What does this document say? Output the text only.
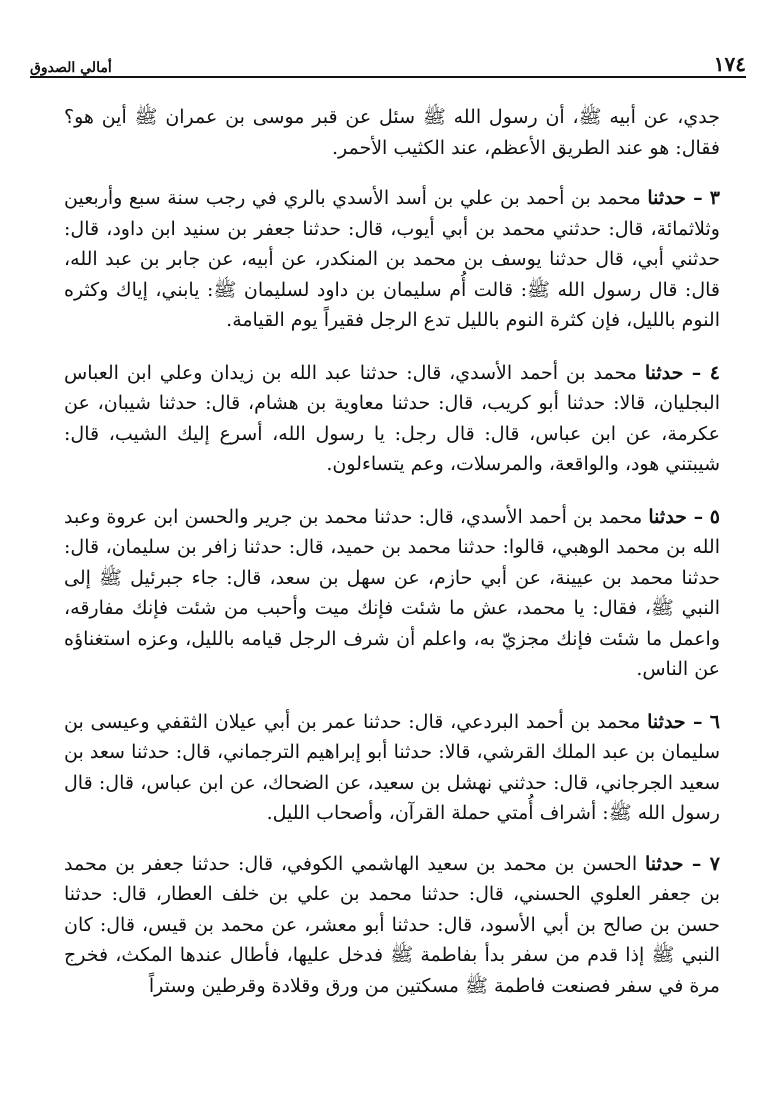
١٧٤
أمالي الصدوق

جدي، عن أبيه ﷺ، أن رسول الله ﷺ سئل عن قبر موسى بن عمران ﷺ أين هو؟ فقال: هو عند الطريق الأعظم، عند الكثيب الأحمر.

٣ – حدثنا محمد بن أحمد بن علي بن أسد الأسدي بالري في رجب سنة سبع وأربعين وثلاثمائة، قال: حدثني محمد بن أبي أيوب، قال: حدثنا جعفر بن سنيد ابن داود، قال: حدثني أبي، قال حدثنا يوسف بن محمد بن المنكدر، عن أبيه، عن جابر بن عبد الله، قال: قال رسول الله ﷺ: قالت أُم سليمان بن داود لسليمان ﷺ: يابني، إياك وكثره النوم بالليل، فإن كثرة النوم بالليل تدع الرجل فقيراً يوم القيامة.

٤ – حدثنا محمد بن أحمد الأسدي، قال: حدثنا عبد الله بن زيدان وعلي ابن العباس البجليان، قالا: حدثنا أبو كريب، قال: حدثنا معاوية بن هشام، قال: حدثنا شيبان، عن عكرمة، عن ابن عباس، قال: قال رجل: يا رسول الله، أسرع إليك الشيب، قال: شيبتني هود، والواقعة، والمرسلات، وعم يتساءلون.

٥ – حدثنا محمد بن أحمد الأسدي، قال: حدثنا محمد بن جرير والحسن ابن عروة وعبد الله بن محمد الوهبي، قالوا: حدثنا محمد بن حميد، قال: حدثنا زافر بن سليمان، قال: حدثنا محمد بن عيينة، عن أبي حازم، عن سهل بن سعد، قال: جاء جبرئيل ﷺ إلى النبي ﷺ، فقال: يا محمد، عش ما شئت فإنك ميت وأحبب من شئت فإنك مفارقه، واعمل ما شئت فإنك مجزيّ به، واعلم أن شرف الرجل قيامه بالليل، وعزه استغناؤه عن الناس.

٦ – حدثنا محمد بن أحمد البردعي، قال: حدثنا عمر بن أبي عيلان الثقفي وعيسى بن سليمان بن عبد الملك القرشي، قالا: حدثنا أبو إبراهيم الترجماني، قال: حدثنا سعد بن سعيد الجرجاني، قال: حدثني نهشل بن سعيد، عن الضحاك، عن ابن عباس، قال: قال رسول الله ﷺ: أشراف أُمتي حملة القرآن، وأصحاب الليل.

٧ – حدثنا الحسن بن محمد بن سعيد الهاشمي الكوفي، قال: حدثنا جعفر بن محمد بن جعفر العلوي الحسني، قال: حدثنا محمد بن علي بن خلف العطار، قال: حدثنا حسن بن صالح بن أبي الأسود، قال: حدثنا أبو معشر، عن محمد بن قيس، قال: كان النبي ﷺ إذا قدم من سفر بدأ بفاطمة ﷺ فدخل عليها، فأطال عندها المكث، فخرج مرة في سفر فصنعت فاطمة ﷺ مسكتين من ورق وقلادة وقرطين وستراً
